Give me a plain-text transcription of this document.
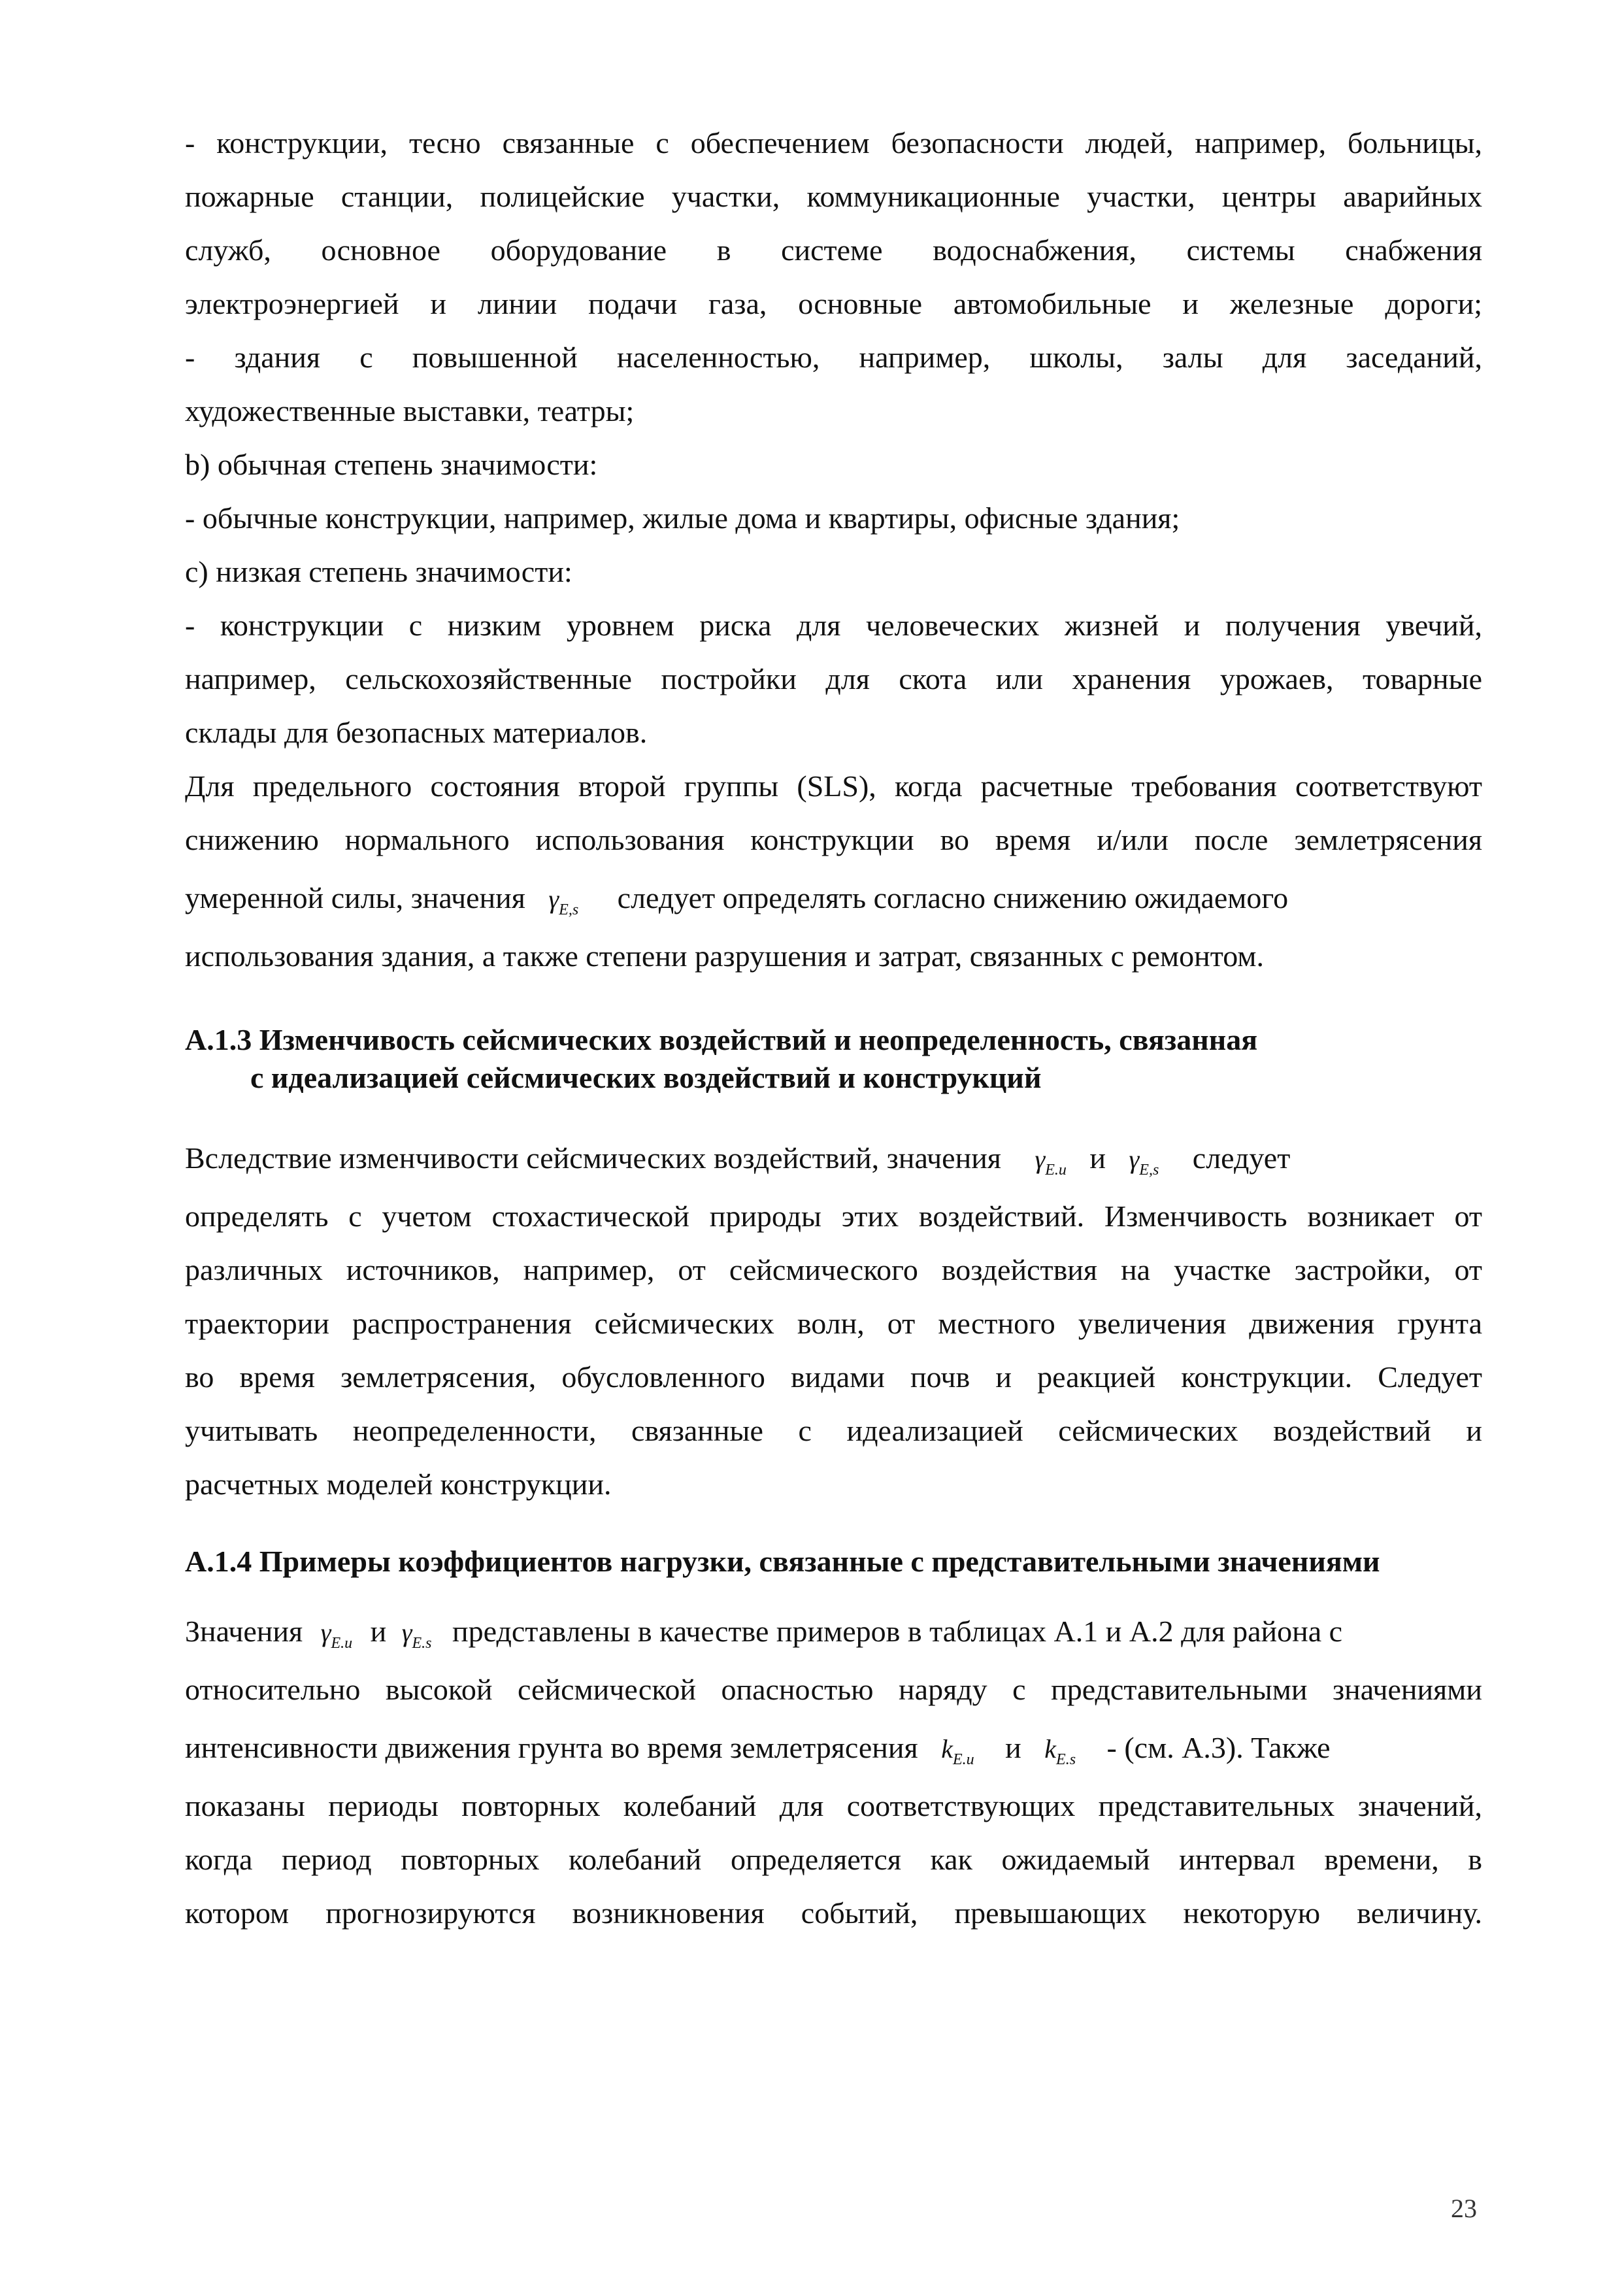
- конструкции, тесно связанные с обеспечением безопасности людей, например, больницы,
пожарные станции, полицейские участки, коммуникационные участки, центры аварийных
служб, основное оборудование в системе водоснабжения, системы снабжения
электроэнергией и линии подачи газа, основные автомобильные и железные дороги;
- здания с повышенной населенностью, например, школы, залы для заседаний,
художественные выставки, театры;
b) обычная степень значимости:
- обычные конструкции, например, жилые дома и квартиры, офисные здания;
c) низкая степень значимости:
- конструкции с низким уровнем риска для человеческих жизней и получения увечий,
например, сельскохозяйственные постройки для скота или хранения урожаев, товарные
склады для безопасных материалов.
Для предельного состояния второй группы (SLS), когда расчетные требования соответствуют
снижению нормального использования конструкции во время и/или после землетрясения
умеренной силы, значения $\gamma_{E,s}$ следует определять согласно снижению ожидаемого
использования здания, а также степени разрушения и затрат, связанных с ремонтом.
А.1.3 Изменчивость сейсмических воздействий и неопределенность, связанная
с идеализацией сейсмических воздействий и конструкций
Вследствие изменчивости сейсмических воздействий, значения $\gamma_{E.u}$ и $\gamma_{E,s}$ следует
определять с учетом стохастической природы этих воздействий. Изменчивость возникает от
различных источников, например, от сейсмического воздействия на участке застройки, от
траектории распространения сейсмических волн, от местного увеличения движения грунта
во время землетрясения, обусловленного видами почв и реакцией конструкции. Следует
учитывать неопределенности, связанные с идеализацией сейсмических воздействий и
расчетных моделей конструкции.
А.1.4 Примеры коэффициентов нагрузки, связанные с представительными значениями
Значения $\gamma_{E.u}$ и $\gamma_{E.s}$ представлены в качестве примеров в таблицах А.1 и А.2 для района с
относительно высокой сейсмической опасностью наряду с представительными значениями
интенсивности движения грунта во время землетрясения $k_{E.u}$ и $k_{E.s} - (см$. А.3). Также
показаны периоды повторных колебаний для соответствующих представительных значений,
когда период повторных колебаний определяется как ожидаемый интервал времени, в
котором прогнозируются возникновения событий, превышающих некоторую величину.
23
